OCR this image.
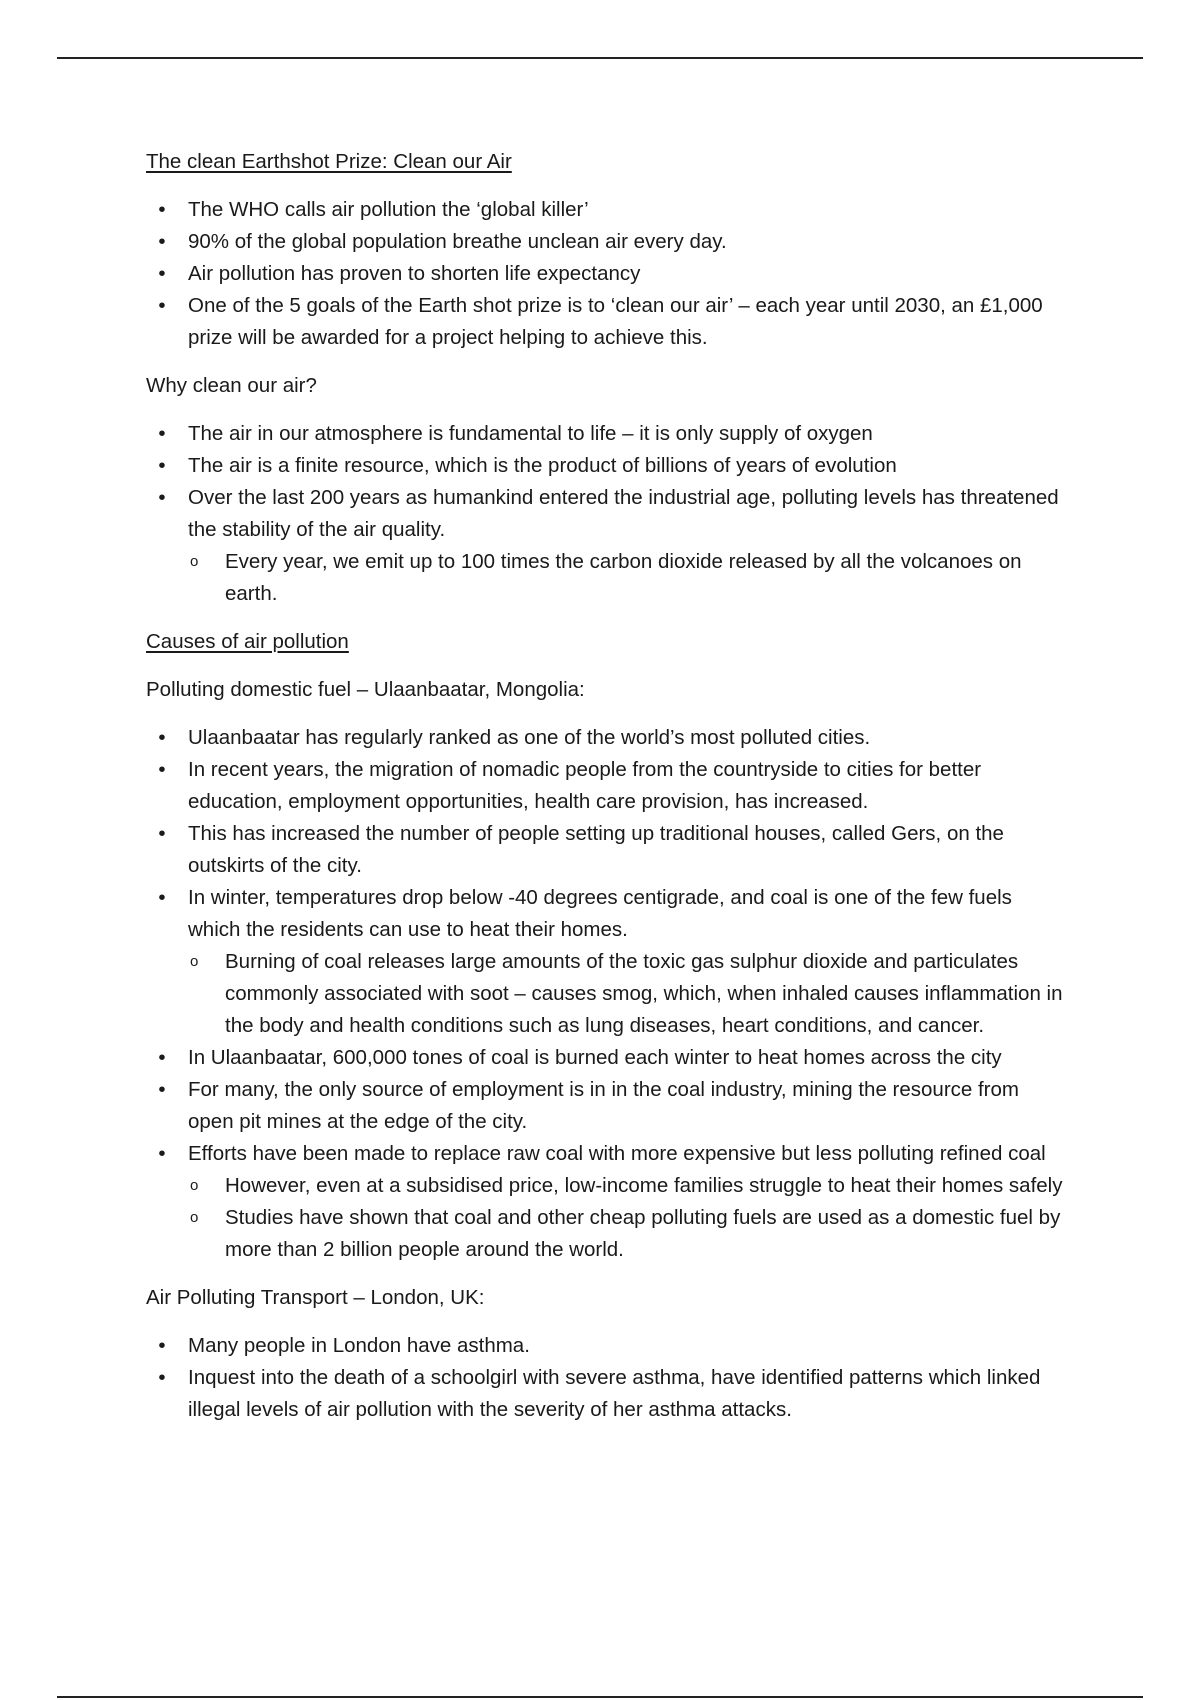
The clean Earthshot Prize: Clean our Air

• The WHO calls air pollution the ‘global killer’
• 90% of the global population breathe unclean air every day.
• Air pollution has proven to shorten life expectancy
• One of the 5 goals of the Earth shot prize is to ‘clean our air’ – each year until 2030, an £1,000 prize will be awarded for a project helping to achieve this.

Why clean our air?

• The air in our atmosphere is fundamental to life – it is only supply of oxygen
• The air is a finite resource, which is the product of billions of years of evolution
• Over the last 200 years as humankind entered the industrial age, polluting levels has threatened the stability of the air quality.
o Every year, we emit up to 100 times the carbon dioxide released by all the volcanoes on earth.

Causes of air pollution

Polluting domestic fuel – Ulaanbaatar, Mongolia:

• Ulaanbaatar has regularly ranked as one of the world’s most polluted cities.
• In recent years, the migration of nomadic people from the countryside to cities for better education, employment opportunities, health care provision, has increased.
• This has increased the number of people setting up traditional houses, called Gers, on the outskirts of the city.
• In winter, temperatures drop below -40 degrees centigrade, and coal is one of the few fuels which the residents can use to heat their homes.
o Burning of coal releases large amounts of the toxic gas sulphur dioxide and particulates commonly associated with soot – causes smog, which, when inhaled causes inflammation in the body and health conditions such as lung diseases, heart conditions, and cancer.
• In Ulaanbaatar, 600,000 tones of coal is burned each winter to heat homes across the city
• For many, the only source of employment is in in the coal industry, mining the resource from open pit mines at the edge of the city.
• Efforts have been made to replace raw coal with more expensive but less polluting refined coal
o However, even at a subsidised price, low-income families struggle to heat their homes safely
o Studies have shown that coal and other cheap polluting fuels are used as a domestic fuel by more than 2 billion people around the world.

Air Polluting Transport – London, UK:

• Many people in London have asthma.
• Inquest into the death of a schoolgirl with severe asthma, have identified patterns which linked illegal levels of air pollution with the severity of her asthma attacks.
